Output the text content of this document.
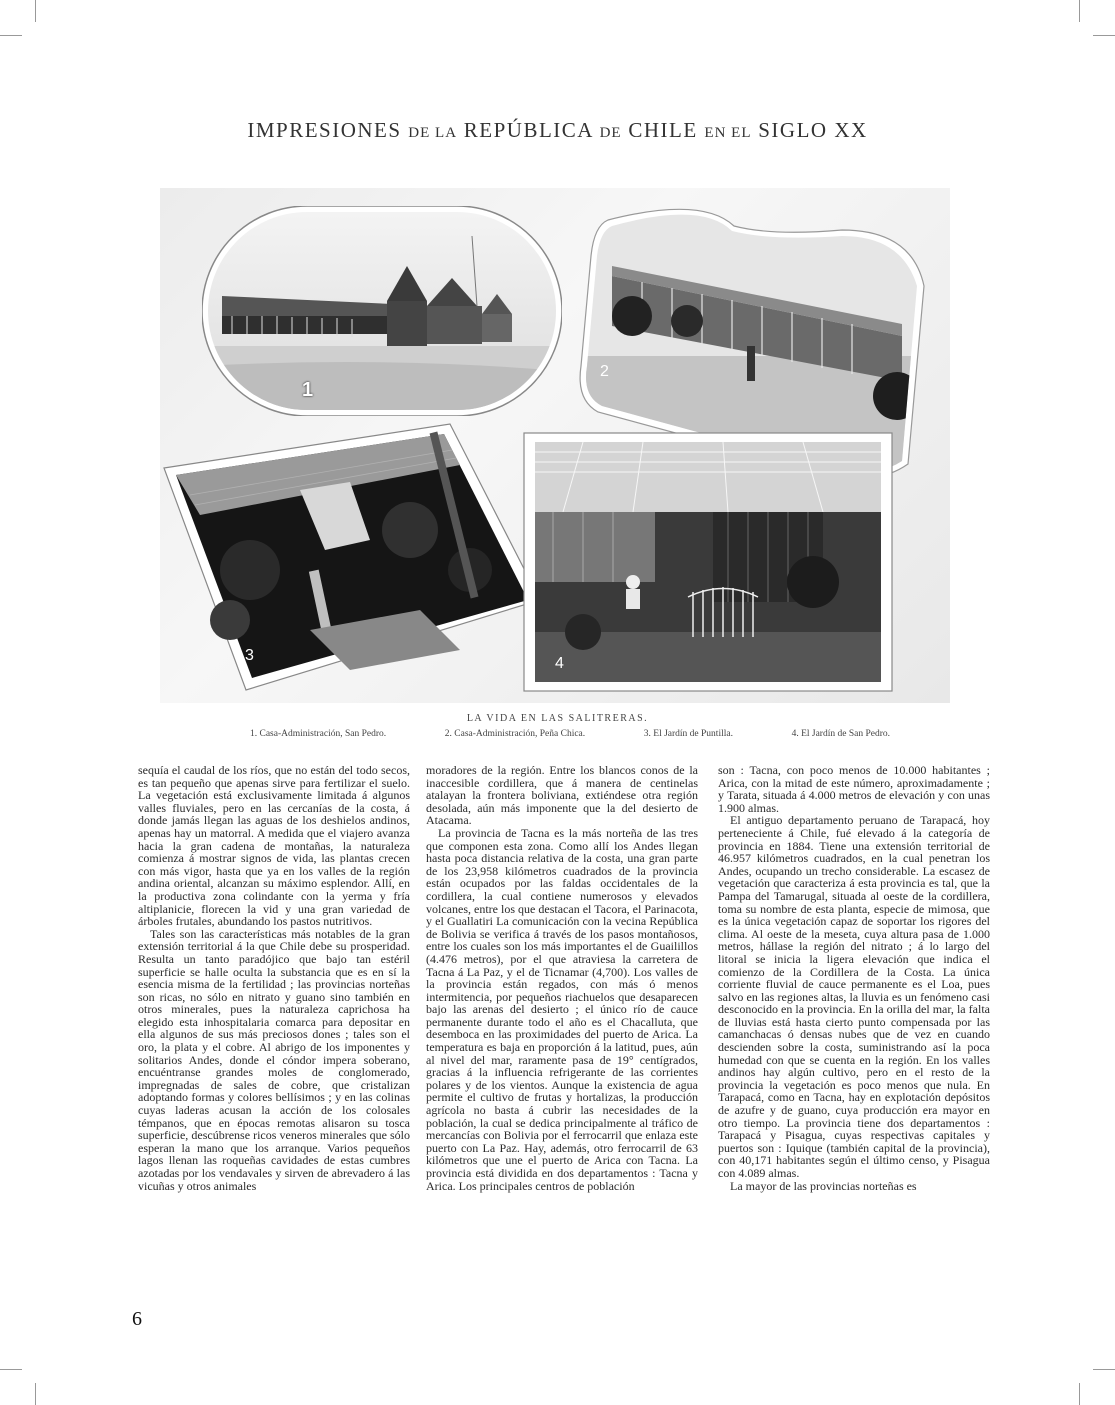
IMPRESIONES DE LA REPÚBLICA DE CHILE EN EL SIGLO XX
1
2
3	4
LA VIDA EN LAS SALITRERAS.
1. Casa-Administración, San Pedro.	2. Casa-Administración, Peña Chica.	3. El Jardín de Puntilla.	4. El Jardín de San Pedro.

sequía el caudal de los ríos, que no están del todo secos, es tan pequeño que apenas sirve para fertilizar el suelo. La vegetación está exclusivamente limitada á algunos valles fluviales, pero en las cercanías de la costa, á donde jamás llegan las aguas de los deshielos andinos, apenas hay un matorral. A medida que el viajero avanza hacia la gran cadena de montañas, la naturaleza comienza á mostrar signos de vida, las plantas crecen con más vigor, hasta que ya en los valles de la región andina oriental, alcanzan su máximo esplendor. Allí, en la productiva zona colindante con la yerma y fría altiplanicie, florecen la vid y una gran variedad de árboles frutales, abundando los pastos nutritivos.

Tales son las características más notables de la gran extensión territorial á la que Chile debe su prosperidad. Resulta un tanto paradójico que bajo tan estéril superficie se halle oculta la substancia que es en sí la esencia misma de la fertilidad ; las provincias norteñas son ricas, no sólo en nitrato y guano sino también en otros minerales, pues la naturaleza caprichosa ha elegido esta inhospitalaria comarca para depositar en ella algunos de sus más preciosos dones ; tales son el oro, la plata y el cobre. Al abrigo de los imponentes y solitarios Andes, donde el cóndor impera soberano, encuéntranse grandes moles de conglomerado, impregnadas de sales de cobre, que cristalizan adoptando formas y colores bellísimos ; y en las colinas cuyas laderas acusan la acción de los colosales témpanos, que en épocas remotas alisaron su tosca superficie, descúbrense ricos veneros minerales que sólo esperan la mano que los arranque. Varios pequeños lagos llenan las roqueñas cavidades de estas cumbres azotadas por los vendavales y sirven de abrevadero á las vicuñas y otros animales

moradores de la región. Entre los blancos conos de la inaccesible cordillera, que á manera de centinelas atalayan la frontera boliviana, extiéndese otra región desolada, aún más imponente que la del desierto de Atacama.

La provincia de Tacna es la más norteña de las tres que componen esta zona. Como allí los Andes llegan hasta poca distancia relativa de la costa, una gran parte de los 23,958 kilómetros cuadrados de la provincia están ocupados por las faldas occidentales de la cordillera, la cual contiene numerosos y elevados volcanes, entre los que destacan el Tacora, el Parinacota, y el Guallatiri La comunicación con la vecina República de Bolivia se verifica á través de los pasos montañosos, entre los cuales son los más importantes el de Guailillos (4.476 metros), por el que atraviesa la carretera de Tacna á La Paz, y el de Ticnamar (4,700). Los valles de la provincia están regados, con más ó menos intermitencia, por pequeños riachuelos que desaparecen bajo las arenas del desierto ; el único río de cauce permanente durante todo el año es el Chacalluta, que desemboca en las proximidades del puerto de Arica. La temperatura es baja en proporción á la latitud, pues, aún al nivel del mar, raramente pasa de 19° centígrados, gracias á la influencia refrigerante de las corrientes polares y de los vientos. Aunque la existencia de agua permite el cultivo de frutas y hortalizas, la producción agrícola no basta á cubrir las necesidades de la población, la cual se dedica principalmente al tráfico de mercancías con Bolivia por el ferrocarril que enlaza este puerto con La Paz. Hay, además, otro ferrocarril de 63 kilómetros que une el puerto de Arica con Tacna. La provincia está dividida en dos departamentos : Tacna y Arica. Los principales centros de población

son : Tacna, con poco menos de 10.000 habitantes ; Arica, con la mitad de este número, aproximadamente ; y Tarata, situada á 4.000 metros de elevación y con unas 1.900 almas.

El antiguo departamento peruano de Tarapacá, hoy perteneciente á Chile, fué elevado á la categoría de provincia en 1884. Tiene una extensión territorial de 46.957 kilómetros cuadrados, en la cual penetran los Andes, ocupando un trecho considerable. La escasez de vegetación que caracteriza á esta provincia es tal, que la Pampa del Tamarugal, situada al oeste de la cordillera, toma su nombre de esta planta, especie de mimosa, que es la única vegetación capaz de soportar los rigores del clima. Al oeste de la meseta, cuya altura pasa de 1.000 metros, hállase la región del nitrato ; á lo largo del litoral se inicia la ligera elevación que indica el comienzo de la Cordillera de la Costa. La única corriente fluvial de cauce permanente es el Loa, pues salvo en las regiones altas, la lluvia es un fenómeno casi desconocido en la provincia. En la orilla del mar, la falta de lluvias está hasta cierto punto compensada por las camanchacas ó densas nubes que de vez en cuando descienden sobre la costa, suministrando así la poca humedad con que se cuenta en la región. En los valles andinos hay algún cultivo, pero en el resto de la provincia la vegetación es poco menos que nula. En Tarapacá, como en Tacna, hay en explotación depósitos de azufre y de guano, cuya producción era mayor en otro tiempo. La provincia tiene dos departamentos : Tarapacá y Pisagua, cuyas respectivas capitales y puertos son : Iquique (también capital de la provincia), con 40,171 habitantes según el último censo, y Pisagua con 4.089 almas.

La mayor de las provincias norteñas es

6
